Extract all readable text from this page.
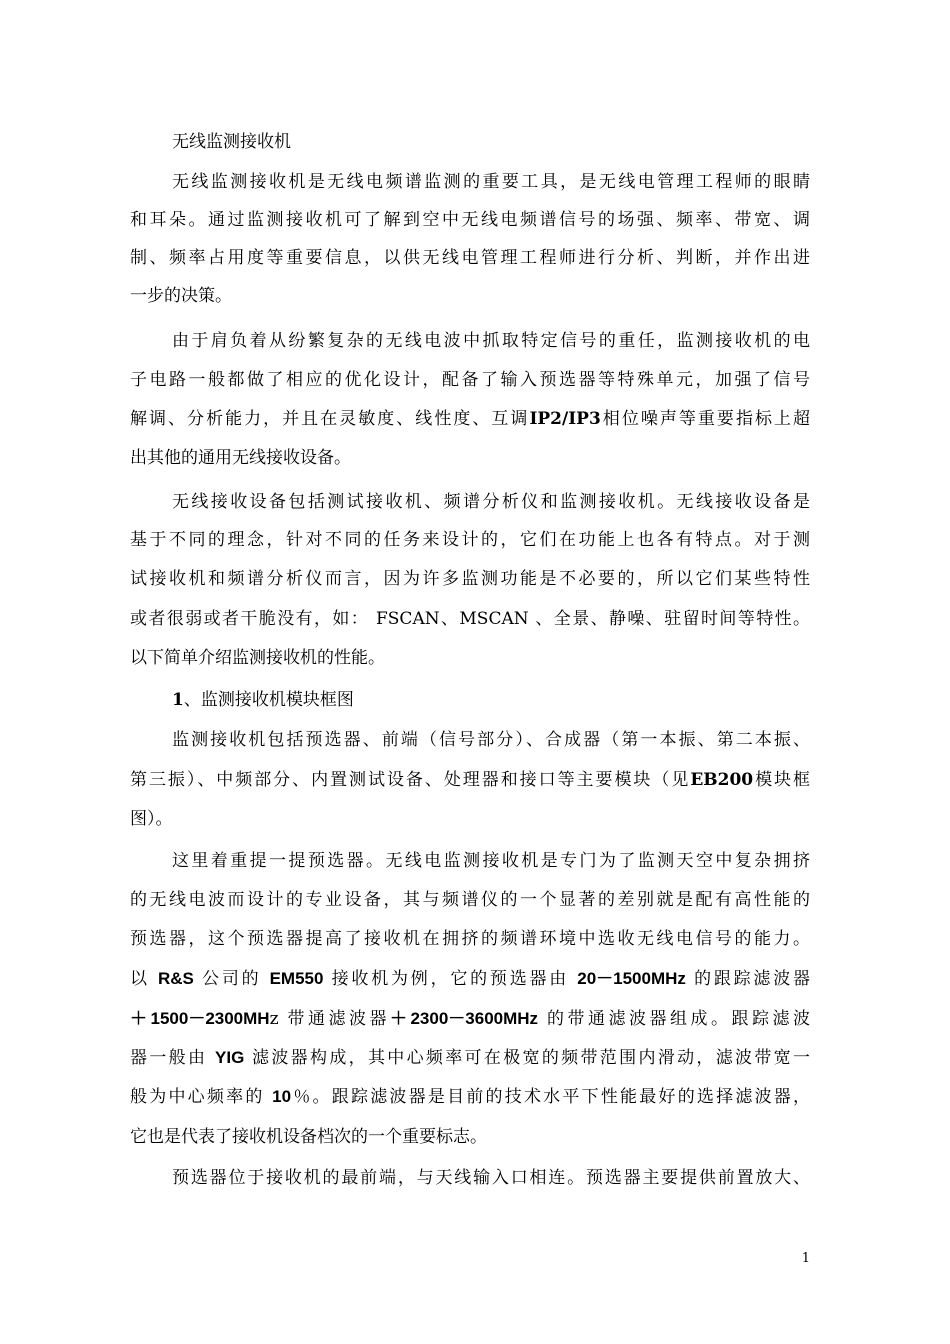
无线监测接收机
无线监测接收机是无线电频谱监测的重要工具，是无线电管理工程师的眼睛
和耳朵。通过监测接收机可了解到空中无线电频谱信号的场强、频率、带宽、调
制、频率占用度等重要信息，以供无线电管理工程师进行分析、判断，并作出进
一步的决策。
由于肩负着从纷繁复杂的无线电波中抓取特定信号的重任，监测接收机的电
子电路一般都做了相应的优化设计，配备了输入预选器等特殊单元，加强了信号
解调、分析能力，并且在灵敏度、线性度、互调IP2/IP3相位噪声等重要指标上超
出其他的通用无线接收设备。
无线接收设备包括测试接收机、频谱分析仪和监测接收机。无线接收设备是
基于不同的理念，针对不同的任务来设计的，它们在功能上也各有特点。对于测
试接收机和频谱分析仪而言，因为许多监测功能是不必要的，所以它们某些特性
或者很弱或者干脆没有，如： FSCAN、MSCAN 、全景、静噪、驻留时间等特性。
以下简单介绍监测接收机的性能。
1、监测接收机模块框图
监测接收机包括预选器、前端（信号部分）、合成器（第一本振、第二本振、
第三振）、中频部分、内置测试设备、处理器和接口等主要模块（见EB200模块框
图）。
这里着重提一提预选器。无线电监测接收机是专门为了监测天空中复杂拥挤
的无线电波而设计的专业设备，其与频谱仪的一个显著的差别就是配有高性能的
预选器，这个预选器提高了接收机在拥挤的频谱环境中选收无线电信号的能力。
以 R&S 公司的 EM550 接收机为例，它的预选器由 20－1500MHz 的跟踪滤波器
＋1500－2300MHz 带通滤波器＋2300－3600MHz 的带通滤波器组成。跟踪滤波
器一般由 YIG 滤波器构成，其中心频率可在极宽的频带范围内滑动，滤波带宽一
般为中心频率的 10％。跟踪滤波器是目前的技术水平下性能最好的选择滤波器，
它也是代表了接收机设备档次的一个重要标志。
预选器位于接收机的最前端，与天线输入口相连。预选器主要提供前置放大、
1
